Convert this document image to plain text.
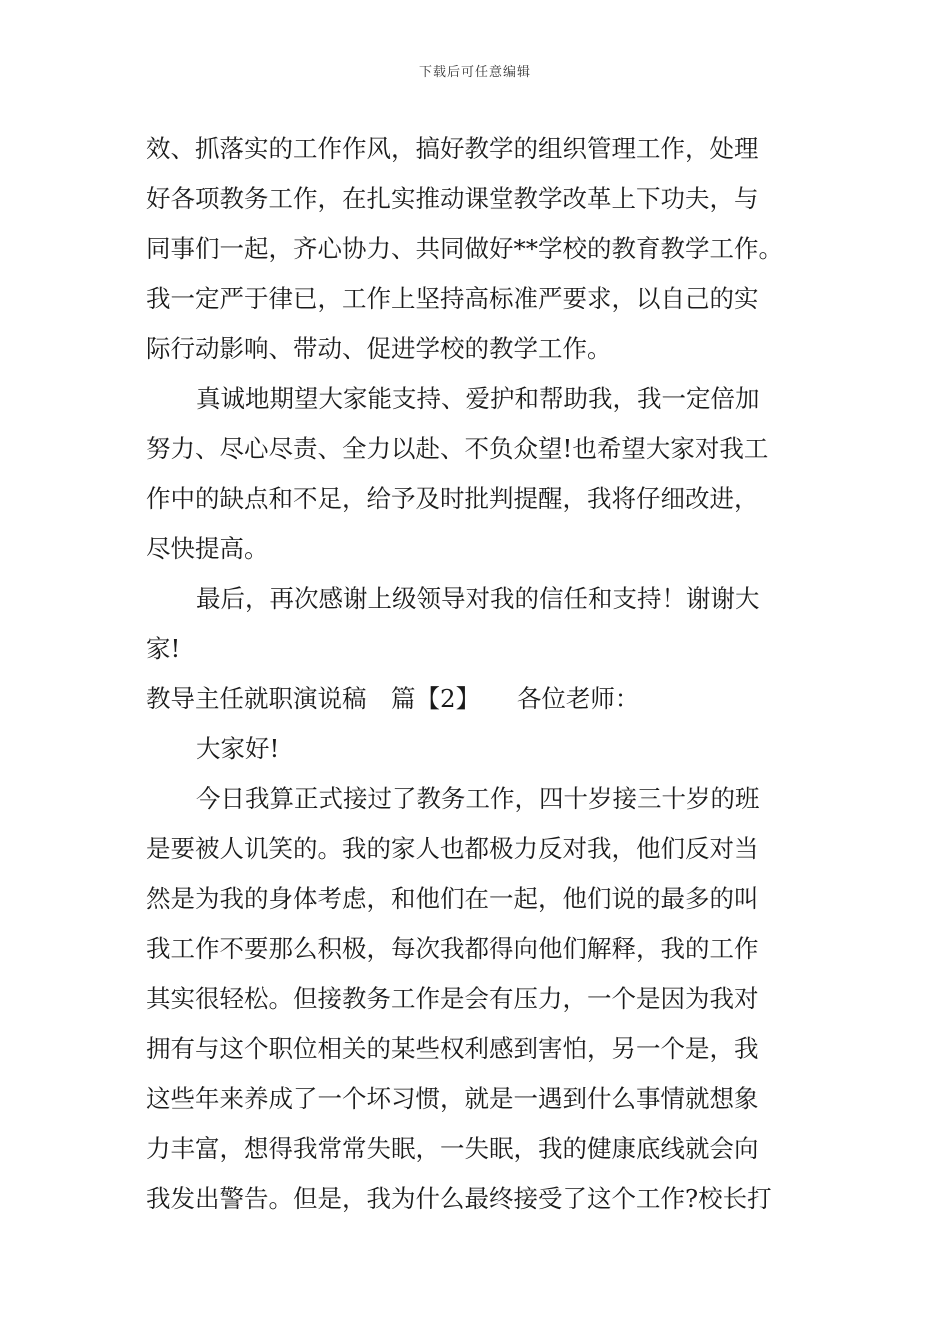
下载后可任意编辑
效、抓落实的工作作风，搞好教学的组织管理工作，处理
好各项教务工作，在扎实推动课堂教学改革上下功夫，与
同事们一起，齐心协力、共同做好**学校的教育教学工作。
我一定严于律已，工作上坚持高标准严要求，以自己的实
际行动影响、带动、促进学校的教学工作。
真诚地期望大家能支持、爱护和帮助我，我一定倍加
努力、尽心尽责、全力以赴、不负众望!也希望大家对我工
作中的缺点和不足，给予及时批判提醒，我将仔细改进，
尽快提高。
最后，再次感谢上级领导对我的信任和支持！谢谢大
家!
教导主任就职演说稿　篇【2】　　各位老师：
大家好!
今日我算正式接过了教务工作，四十岁接三十岁的班
是要被人讥笑的。我的家人也都极力反对我，他们反对当
然是为我的身体考虑，和他们在一起，他们说的最多的叫
我工作不要那么积极，每次我都得向他们解释，我的工作
其实很轻松。但接教务工作是会有压力，一个是因为我对
拥有与这个职位相关的某些权利感到害怕，另一个是，我
这些年来养成了一个坏习惯，就是一遇到什么事情就想象
力丰富，想得我常常失眠，一失眠，我的健康底线就会向
我发出警告。但是，我为什么最终接受了这个工作?校长打
